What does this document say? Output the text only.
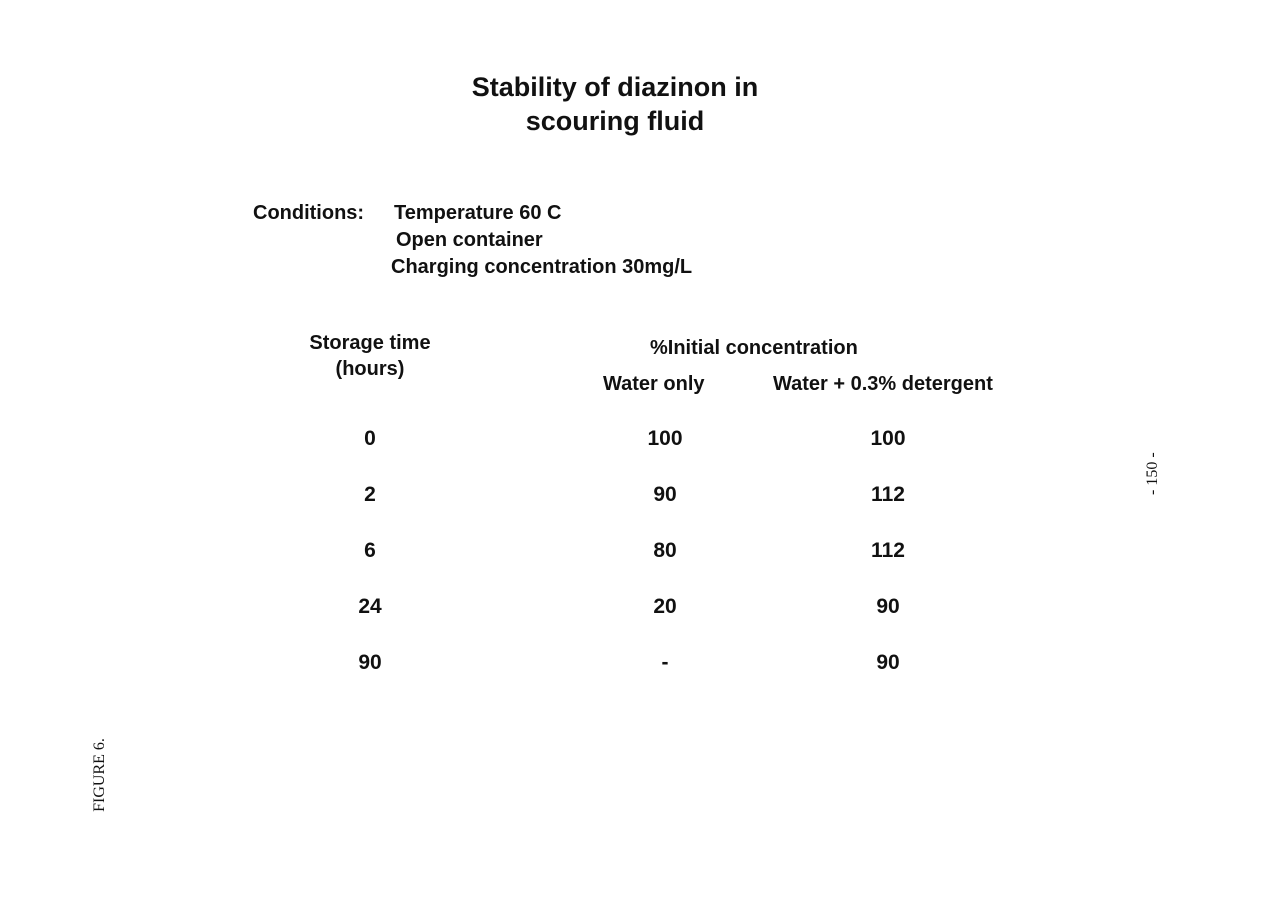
Stability of diazinon in
scouring fluid
Conditions: Temperature 60 C
Open container
Charging concentration 30mg/L
Storage time
(hours)
%Initial concentration
Water only	Water + 0.3% detergent
0	100	100
2	90	112
6	80	112
24	20	90
90	-	90
- 150 -
FIGURE 6.
